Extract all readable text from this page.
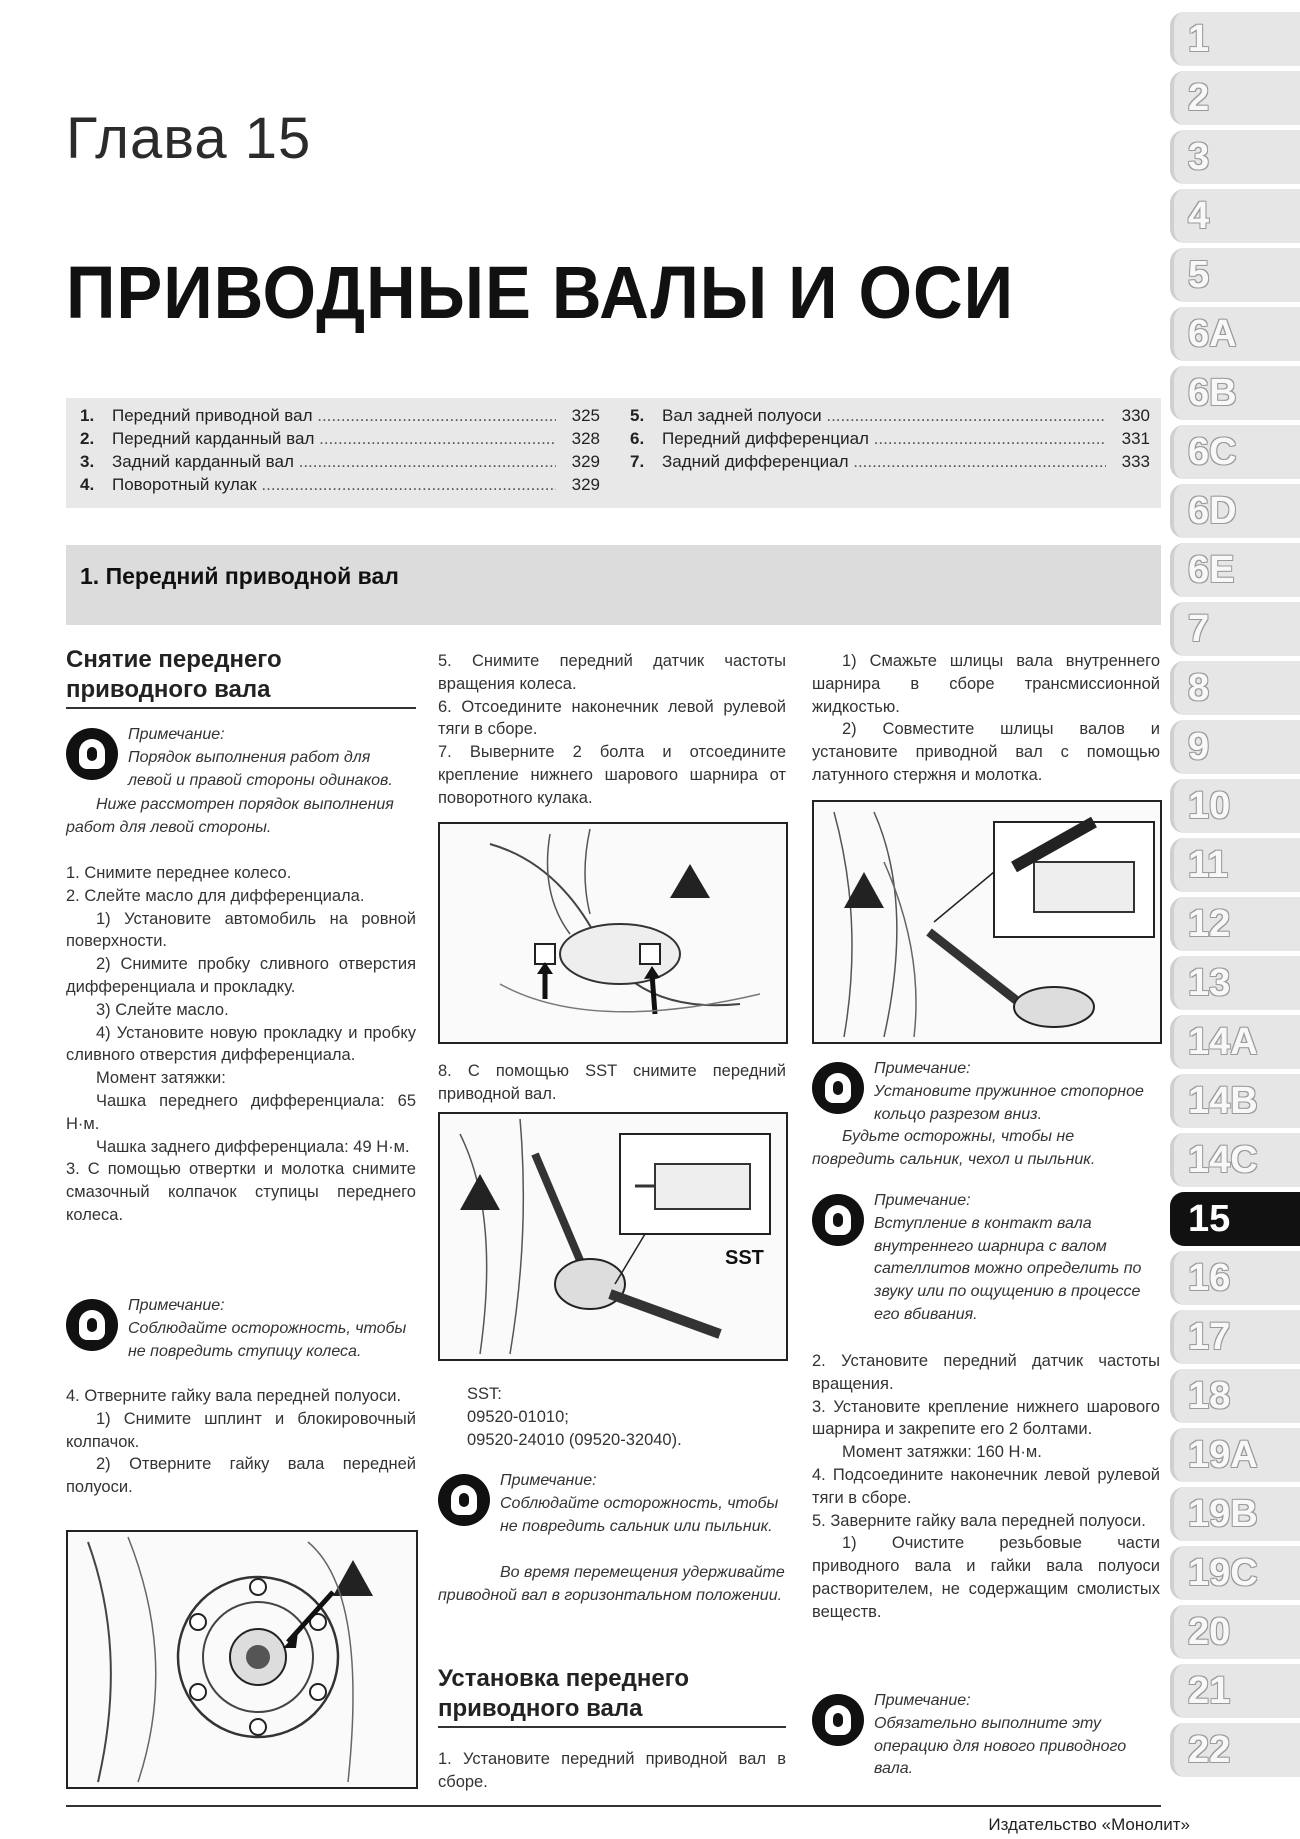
Глава 15
ПРИВОДНЫЕ ВАЛЫ И ОСИ
1
2
3
4
5
6A
6B
6C
6D
6E
7
8
9
10
11
12
13
14A
14B
14C
15
16
17
18
19A
19B
19C
20
21
22
1.	Передний приводной вал .....	325
2.	Передний карданный вал .....	328
3.	Задний карданный вал .....	329
4.	Поворотный кулак .....	329
5.	Вал задней полуоси .....	330
6.	Передний дифференциал .....	331
7.	Задний дифференциал .....	333
1. Передний приводной вал
Снятие переднего приводного вала
Примечание:
Порядок выполнения работ для левой и правой стороны одинаков.
Ниже рассмотрен порядок выполнения работ для левой стороны.

1. Снимите переднее колесо.

2. Слейте масло для дифференциала.

1) Установите автомобиль на ровной поверхности.

2) Снимите пробку сливного отверстия дифференциала и прокладку.

3) Слейте масло.

4) Установите новую прокладку и пробку сливного отверстия дифференциала.

Момент затяжки:

Чашка переднего дифференциала: 65 Н·м.

Чашка заднего дифференциала: 49 Н·м.

3. С помощью отвертки и молотка снимите смазочный колпачок ступицы переднего колеса.

Примечание:
Соблюдайте осторожность, чтобы не повредить ступицу колеса.

4. Отверните гайку вала передней полуоси.

1) Снимите шплинт и блокировочный колпачок.

2) Отверните гайку вала передней полуоси.

5. Снимите передний датчик частоты вращения колеса.

6. Отсоедините наконечник левой рулевой тяги в сборе.

7. Выверните 2 болта и отсоедините крепление нижнего шарового шарнира от поворотного кулака.

8. С помощью SST снимите передний приводной вал.

SST

SST:

09520-01010;

09520-24010 (09520-32040).

Примечание:
Соблюдайте осторожность, чтобы не повредить сальник или пыльник.
Во время перемещения удерживайте приводной вал в горизонтальном положении.
Установка переднего приводного вала

1. Установите передний приводной вал в сборе.

1) Смажьте шлицы вала внутреннего шарнира в сборе трансмиссионной жидкостью.

2) Совместите шлицы валов и установите приводной вал с помощью латунного стержня и молотка.

Примечание:
Установите пружинное стопорное кольцо разрезом вниз.
Будьте осторожны, чтобы не повредить сальник, чехол и пыльник.
Примечание:
Вступление в контакт вала внутреннего шарнира с валом сателлитов можно определить по звуку или по ощущению в процессе его вбивания.

2. Установите передний датчик частоты вращения.

3. Установите крепление нижнего шарового шарнира и закрепите его 2 болтами.

Момент затяжки: 160 Н·м.

4. Подсоедините наконечник левой рулевой тяги в сборе.

5. Заверните гайку вала передней полуоси.

1) Очистите резьбовые части приводного вала и гайки вала полуоси растворителем, не содержащим смолистых веществ.

Примечание:
Обязательно выполните эту операцию для нового приводного вала.
Издательство «Монолит»
